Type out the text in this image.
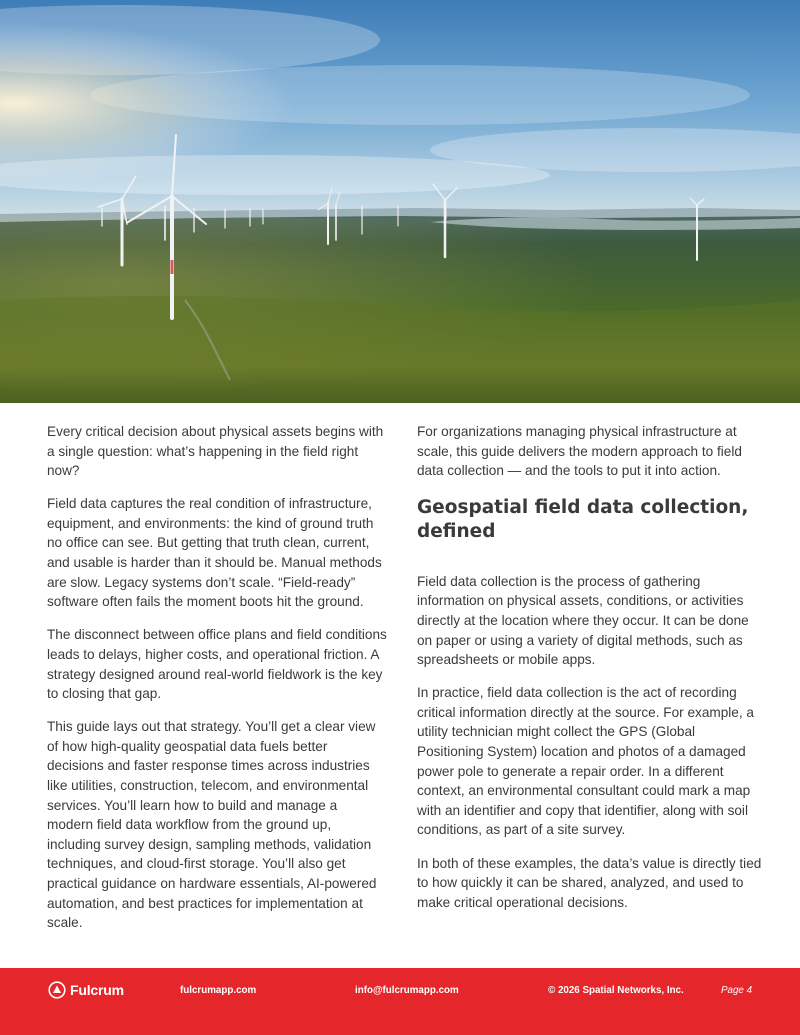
Every critical decision about physical assets begins with a single question: what’s happening in the field right now?

Field data captures the real condition of infrastructure, equipment, and environments: the kind of ground truth no office can see. But getting that truth clean, current, and usable is harder than it should be. Manual methods are slow. Legacy systems don’t scale. “Field-ready” software often fails the moment boots hit the ground.

The disconnect between office plans and field conditions leads to delays, higher costs, and operational friction. A strategy designed around real-world fieldwork is the key to closing that gap.

This guide lays out that strategy. You’ll get a clear view of how high-quality geospatial data fuels better decisions and faster response times across industries like utilities, construction, telecom, and environmental services. You’ll learn how to build and manage a modern field data workflow from the ground up, including survey design, sampling methods, validation techniques, and cloud-first storage. You’ll also get practical guidance on hardware essentials, AI-powered automation, and best practices for implementation at scale.

For organizations managing physical infrastructure at scale, this guide delivers the modern approach to field data collection — and the tools to put it into action.

Geospatial field data collection, defined

Field data collection is the process of gathering information on physical assets, conditions, or activities directly at the location where they occur. It can be done on paper or using a variety of digital methods, such as spreadsheets or mobile apps.

In practice, field data collection is the act of recording critical information directly at the source. For example, a utility technician might collect the GPS (Global Positioning System) location and photos of a damaged power pole to generate a repair order. In a different context, an environmental consultant could mark a map with an identifier and copy that identifier, along with soil conditions, as part of a site survey.

In both of these examples, the data’s value is directly tied to how quickly it can be shared, analyzed, and used to make critical operational decisions.

Fulcrum	fulcrumapp.com	info@fulcrumapp.com	© 2026 Spatial Networks, Inc.	Page 4
